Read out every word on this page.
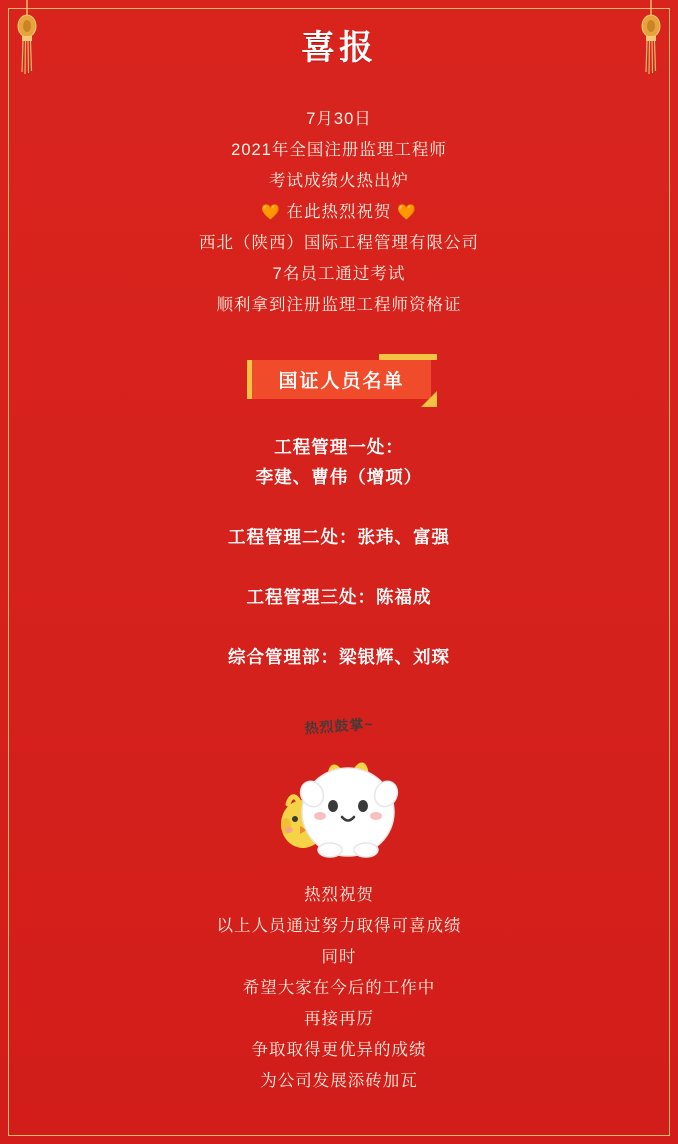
喜报
7月30日
2021年全国注册监理工程师
考试成绩火热出炉
🧡 在此热烈祝贺 🧡
西北（陕西）国际工程管理有限公司
7名员工通过考试
顺利拿到注册监理工程师资格证
国证人员名单
工程管理一处：
李建、曹伟（增项）
工程管理二处：张玮、富强
工程管理三处：陈福成
综合管理部：梁银辉、刘琛
热烈鼓掌~
热烈祝贺
以上人员通过努力取得可喜成绩
同时
希望大家在今后的工作中
再接再厉
争取取得更优异的成绩
为公司发展添砖加瓦
